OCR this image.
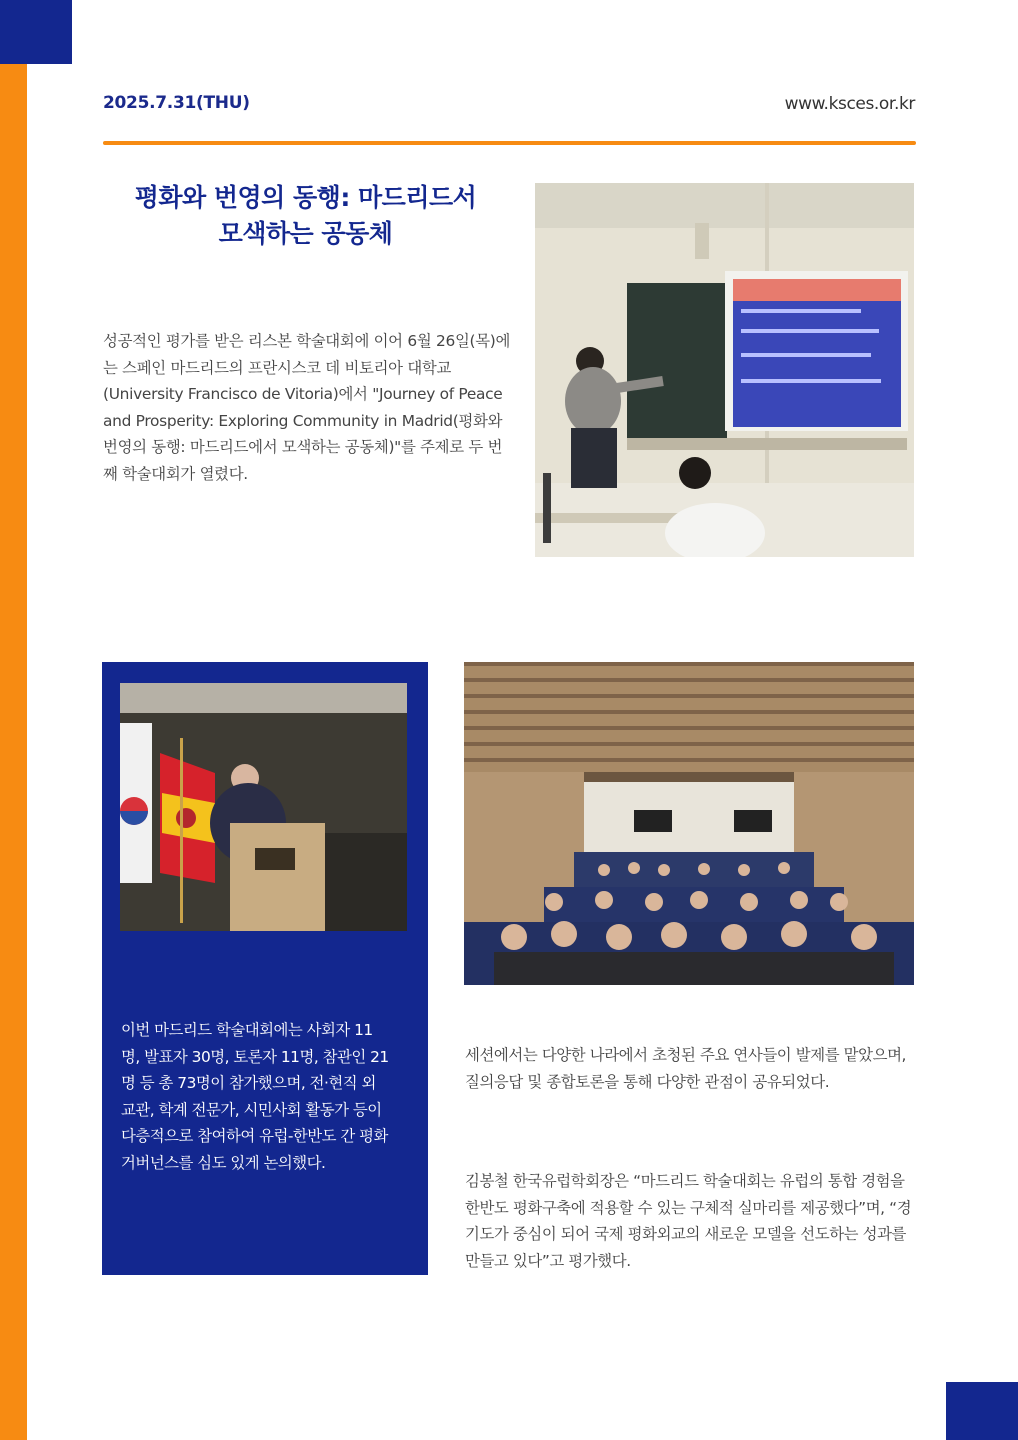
2025.7.31(THU)	www.ksces.or.kr
평화와 번영의 동행: 마드리드서
모색하는 공동체

성공적인 평가를 받은 리스본 학술대회에 이어 6월 26일(목)에는 스페인 마드리드의 프란시스코 데 비토리아 대학교(University Francisco de Vitoria)에서 "Journey of Peace and Prosperity: Exploring Community in Madrid(평화와 번영의 동행: 마드리드에서 모색하는 공동체)"를 주제로 두 번째 학술대회가 열렸다.

이번 마드리드 학술대회에는 사회자 11명, 발표자 30명, 토론자 11명, 참관인 21명 등 총 73명이 참가했으며, 전·현직 외교관, 학계 전문가, 시민사회 활동가 등이 다층적으로 참여하여 유럽-한반도 간 평화 거버넌스를 심도 있게 논의했다.

세션에서는 다양한 나라에서 초청된 주요 연사들이 발제를 맡았으며, 질의응답 및 종합토론을 통해 다양한 관점이 공유되었다.

김봉철 한국유럽학회장은 “마드리드 학술대회는 유럽의 통합 경험을 한반도 평화구축에 적용할 수 있는 구체적 실마리를 제공했다”며, “경기도가 중심이 되어 국제 평화외교의 새로운 모델을 선도하는 성과를 만들고 있다”고 평가했다.
